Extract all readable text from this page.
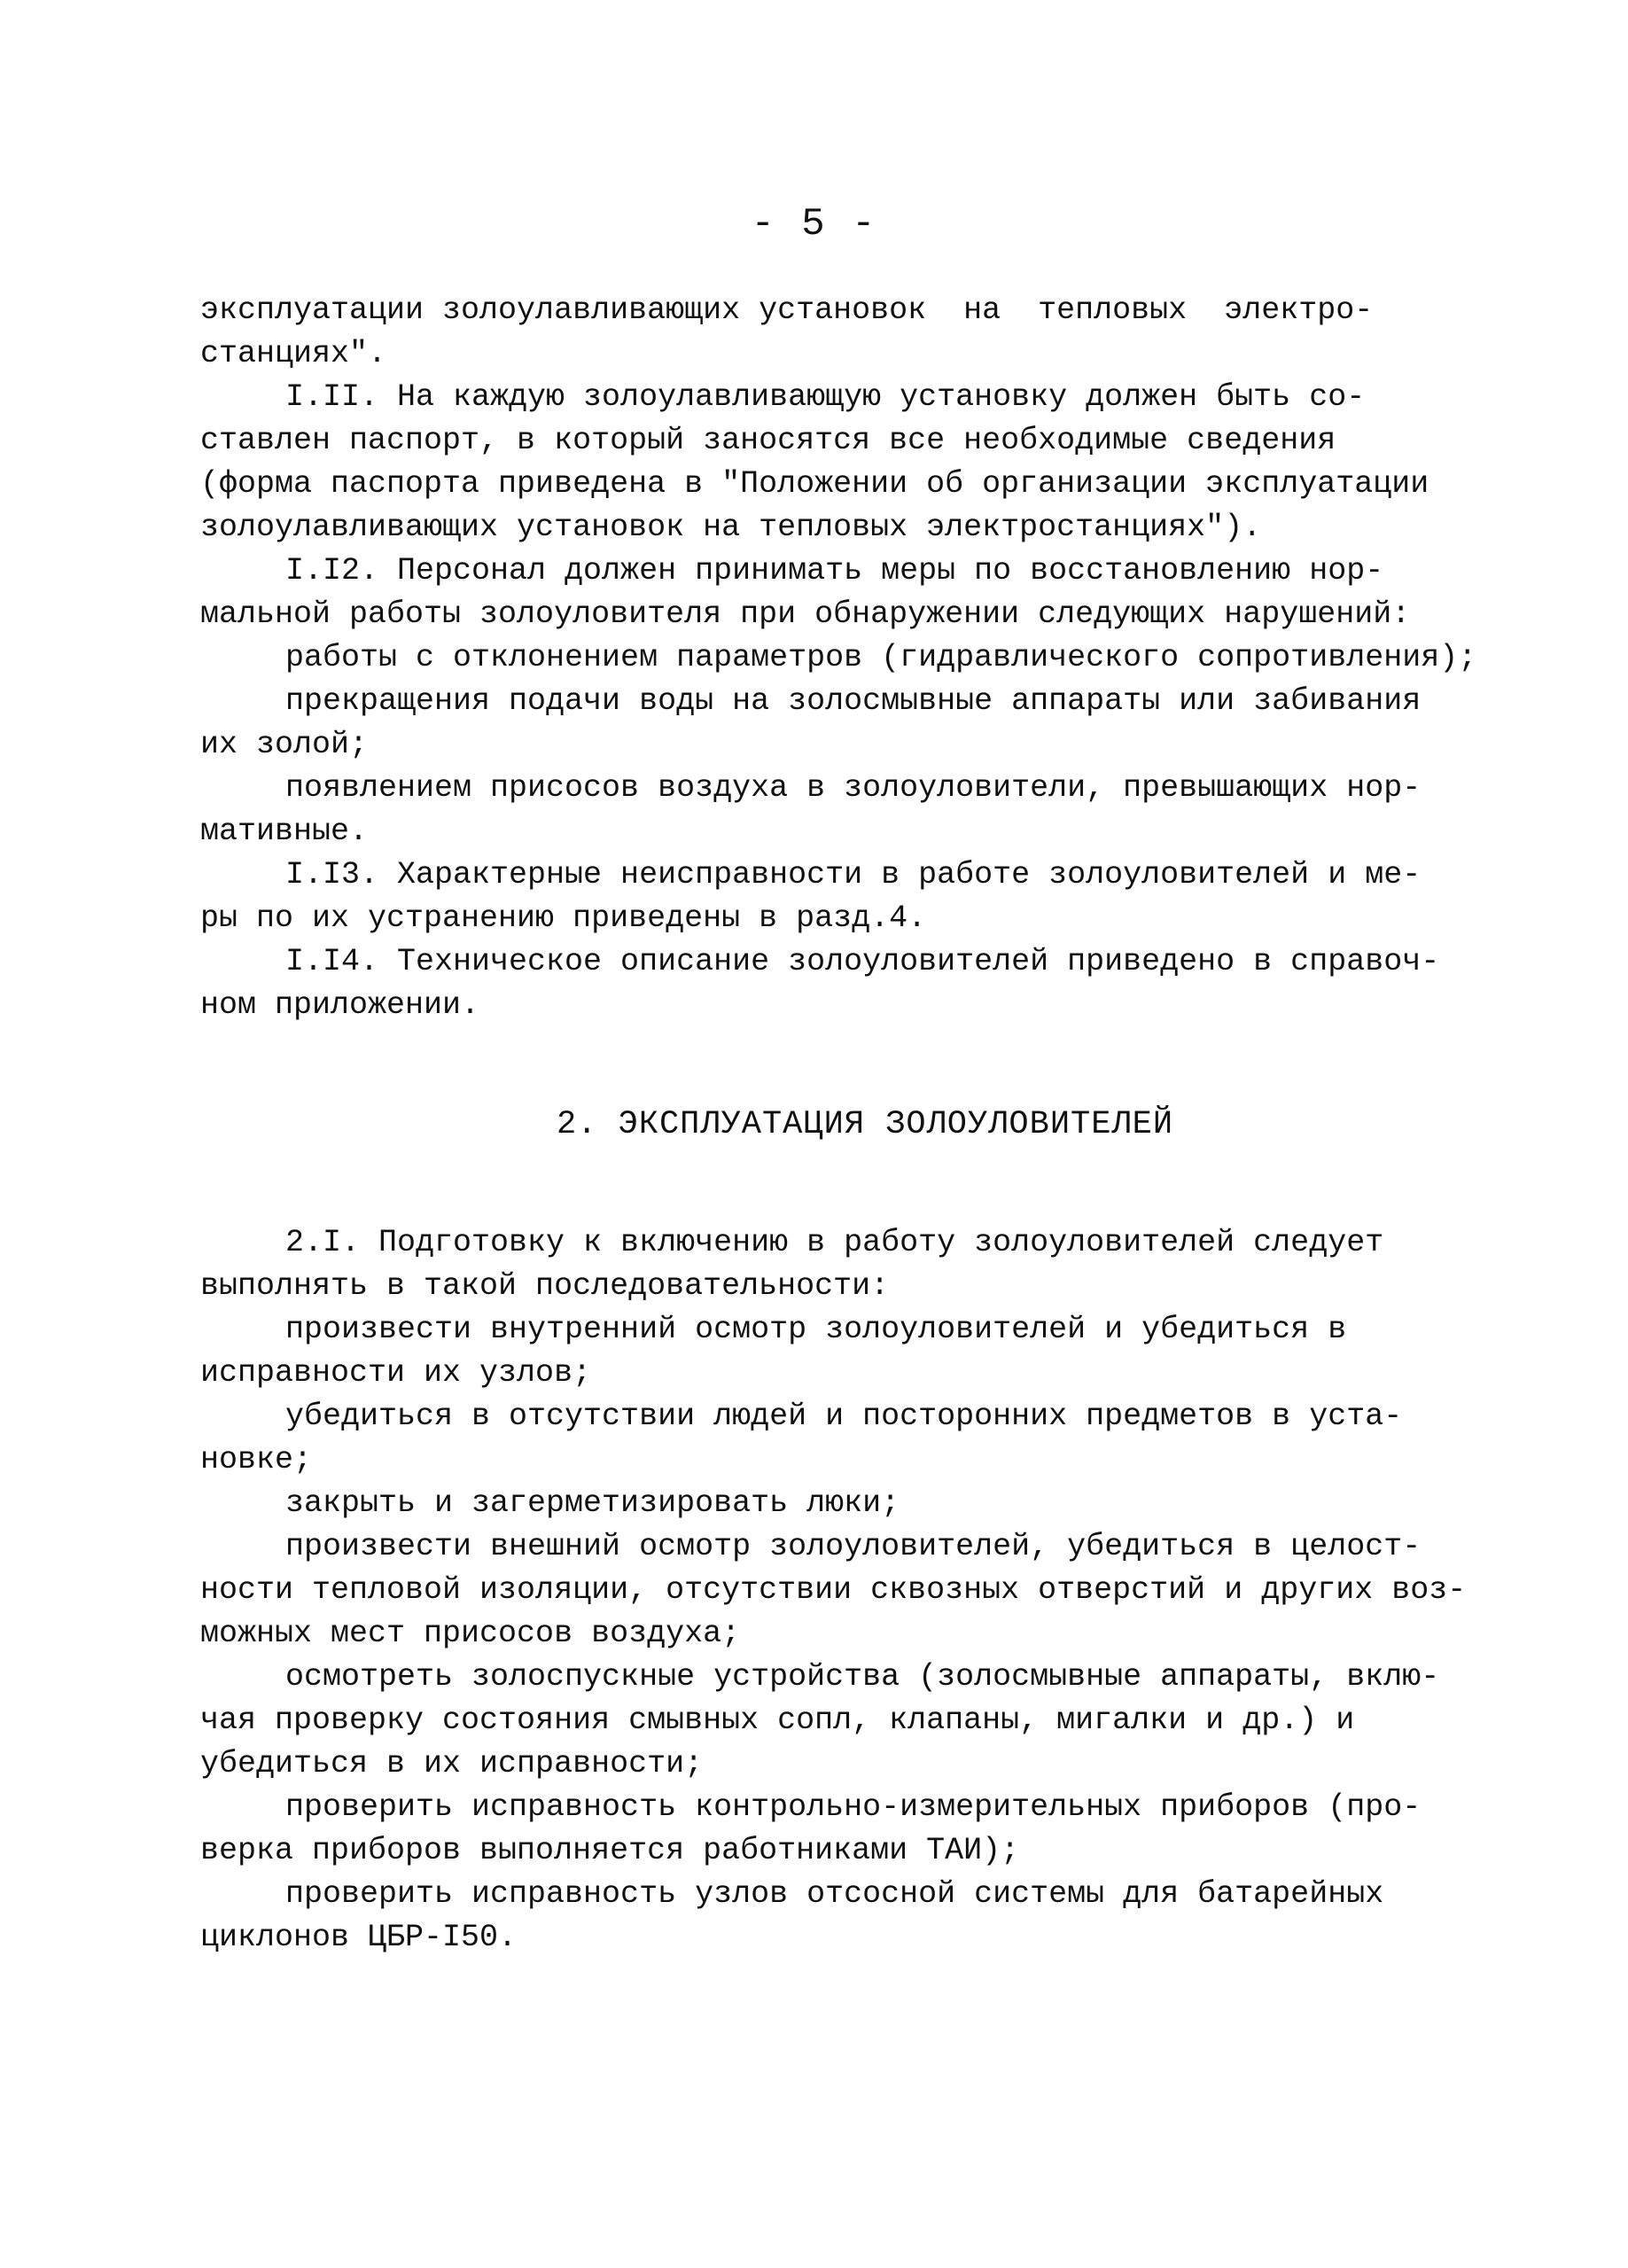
- 5 -
эксплуатации золоулавливающих установок  на  тепловых  электро-
станциях".
I.II. На каждую золоулавливающую установку должен быть со-
ставлен паспорт, в который заносятся все необходимые сведения
(форма паспорта приведена в "Положении об организации эксплуатации
золоулавливающих установок на тепловых электростанциях").
I.I2. Персонал должен принимать меры по восстановлению нор-
мальной работы золоуловителя при обнаружении следующих нарушений:
работы с отклонением параметров (гидравлического сопротивления);
прекращения подачи воды на золосмывные аппараты или забивания
их золой;
появлением присосов воздуха в золоуловители, превышающих нор-
мативные.
I.I3. Характерные неисправности в работе золоуловителей и ме-
ры по их устранению приведены в разд.4.
I.I4. Техническое описание золоуловителей приведено в справоч-
ном приложении.
2. ЭКСПЛУАТАЦИЯ ЗОЛОУЛОВИТЕЛЕЙ
2.I. Подготовку к включению в работу золоуловителей следует
выполнять в такой последовательности:
произвести внутренний осмотр золоуловителей и убедиться в
исправности их узлов;
убедиться в отсутствии людей и посторонних предметов в уста-
новке;
закрыть и загерметизировать люки;
произвести внешний осмотр золоуловителей, убедиться в целост-
ности тепловой изоляции, отсутствии сквозных отверстий и других воз-
можных мест присосов воздуха;
осмотреть золоспускные устройства (золосмывные аппараты, вклю-
чая проверку состояния смывных сопл, клапаны, мигалки и др.) и
убедиться в их исправности;
проверить исправность контрольно-измерительных приборов (про-
верка приборов выполняется работниками ТАИ);
проверить исправность узлов отсосной системы для батарейных
циклонов ЦБР-I50.
